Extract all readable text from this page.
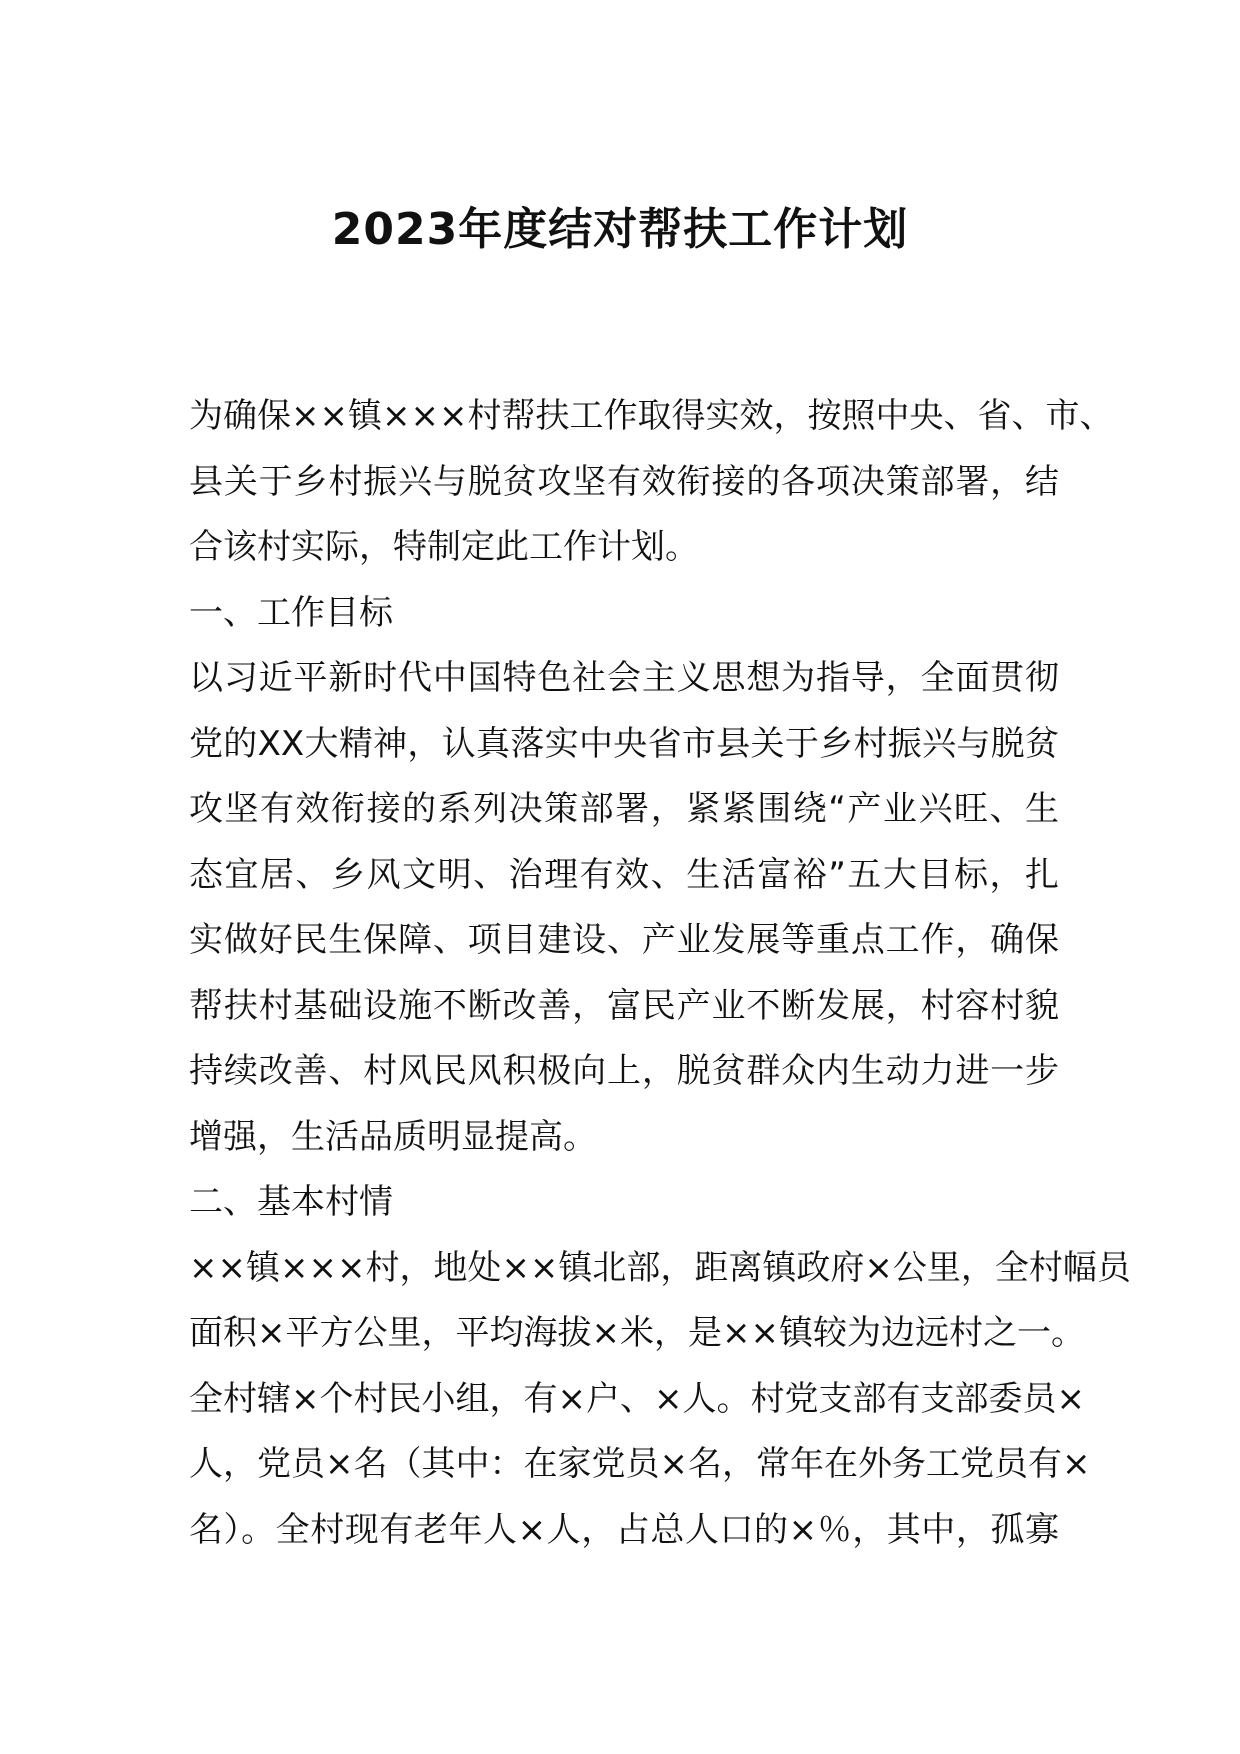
2023年度结对帮扶工作计划
为确保××镇×××村帮扶工作取得实效，按照中央、省、市、
县关于乡村振兴与脱贫攻坚有效衔接的各项决策部署，结
合该村实际，特制定此工作计划。
一、工作目标
以习近平新时代中国特色社会主义思想为指导，全面贯彻
党的XX大精神，认真落实中央省市县关于乡村振兴与脱贫
攻坚有效衔接的系列决策部署，紧紧围绕“产业兴旺、生
态宜居、乡风文明、治理有效、生活富裕”五大目标，扎
实做好民生保障、项目建设、产业发展等重点工作，确保
帮扶村基础设施不断改善，富民产业不断发展，村容村貌
持续改善、村风民风积极向上，脱贫群众内生动力进一步
增强，生活品质明显提高。
二、基本村情
××镇×××村，地处××镇北部，距离镇政府×公里，全村幅员
面积×平方公里，平均海拔×米，是××镇较为边远村之一。
全村辖×个村民小组，有×户、×人。村党支部有支部委员×
人，党员×名（其中：在家党员×名，常年在外务工党员有×
名）。全村现有老年人×人，占总人口的×％，其中，孤寡
